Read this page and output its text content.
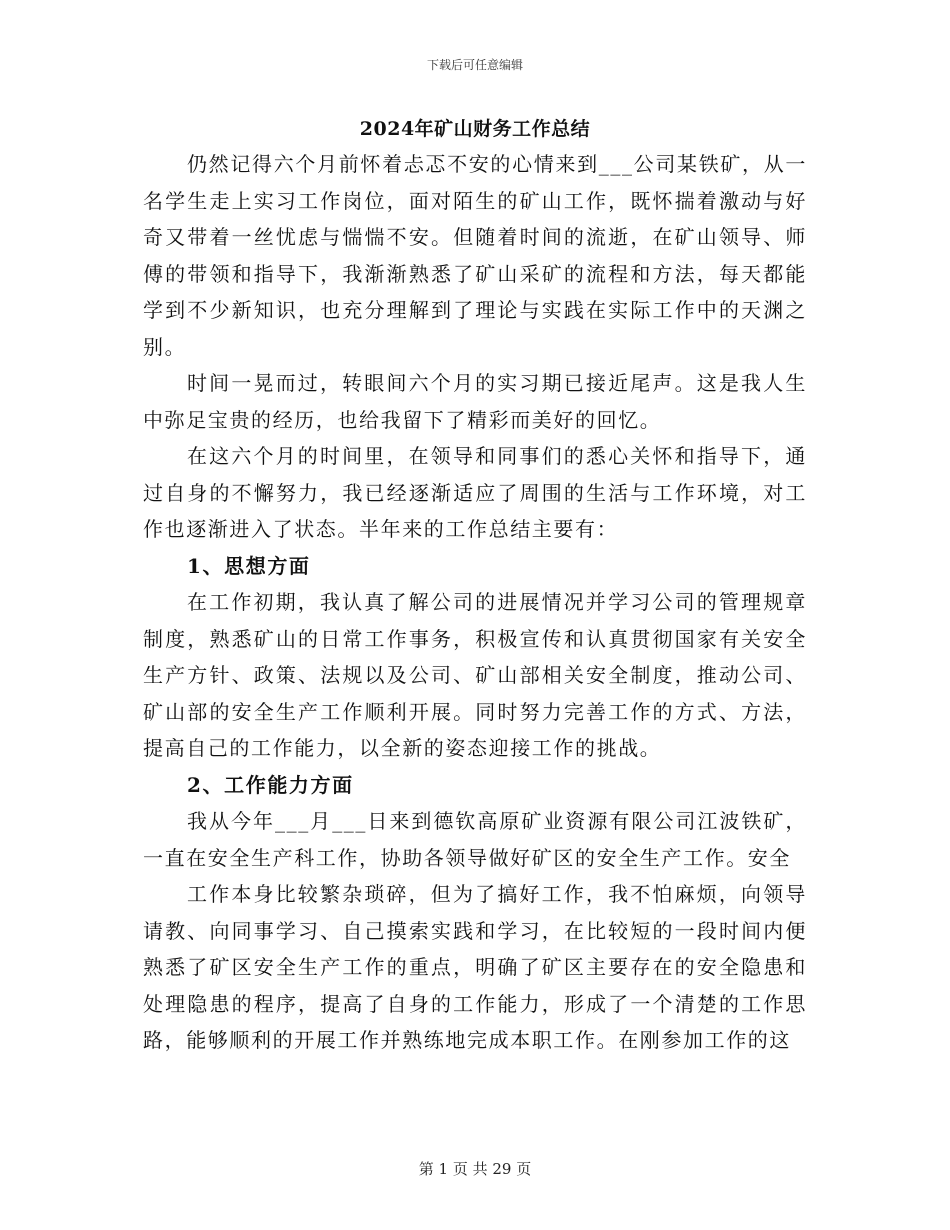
下载后可任意编辑
2024年矿山财务工作总结

仍然记得六个月前怀着忐忑不安的心情来到___公司某铁矿，从一名学生走上实习工作岗位，面对陌生的矿山工作，既怀揣着激动与好奇又带着一丝忧虑与惴惴不安。但随着时间的流逝，在矿山领导、师傅的带领和指导下，我渐渐熟悉了矿山采矿的流程和方法，每天都能学到不少新知识，也充分理解到了理论与实践在实际工作中的天渊之别。

时间一晃而过，转眼间六个月的实习期已接近尾声。这是我人生中弥足宝贵的经历，也给我留下了精彩而美好的回忆。

在这六个月的时间里，在领导和同事们的悉心关怀和指导下，通过自身的不懈努力，我已经逐渐适应了周围的生活与工作环境，对工作也逐渐进入了状态。半年来的工作总结主要有：

1、思想方面

在工作初期，我认真了解公司的进展情况并学习公司的管理规章制度，熟悉矿山的日常工作事务，积极宣传和认真贯彻国家有关安全生产方针、政策、法规以及公司、矿山部相关安全制度，推动公司、矿山部的安全生产工作顺利开展。同时努力完善工作的方式、方法，提高自己的工作能力，以全新的姿态迎接工作的挑战。

2、工作能力方面

我从今年___月___日来到德钦高原矿业资源有限公司江波铁矿，一直在安全生产科工作，协助各领导做好矿区的安全生产工作。安全

工作本身比较繁杂琐碎，但为了搞好工作，我不怕麻烦，向领导请教、向同事学习、自己摸索实践和学习，在比较短的一段时间内便熟悉了矿区安全生产工作的重点，明确了矿区主要存在的安全隐患和处理隐患的程序，提高了自身的工作能力，形成了一个清楚的工作思路，能够顺利的开展工作并熟练地完成本职工作。在刚参加工作的这

第 1 页 共 29 页
